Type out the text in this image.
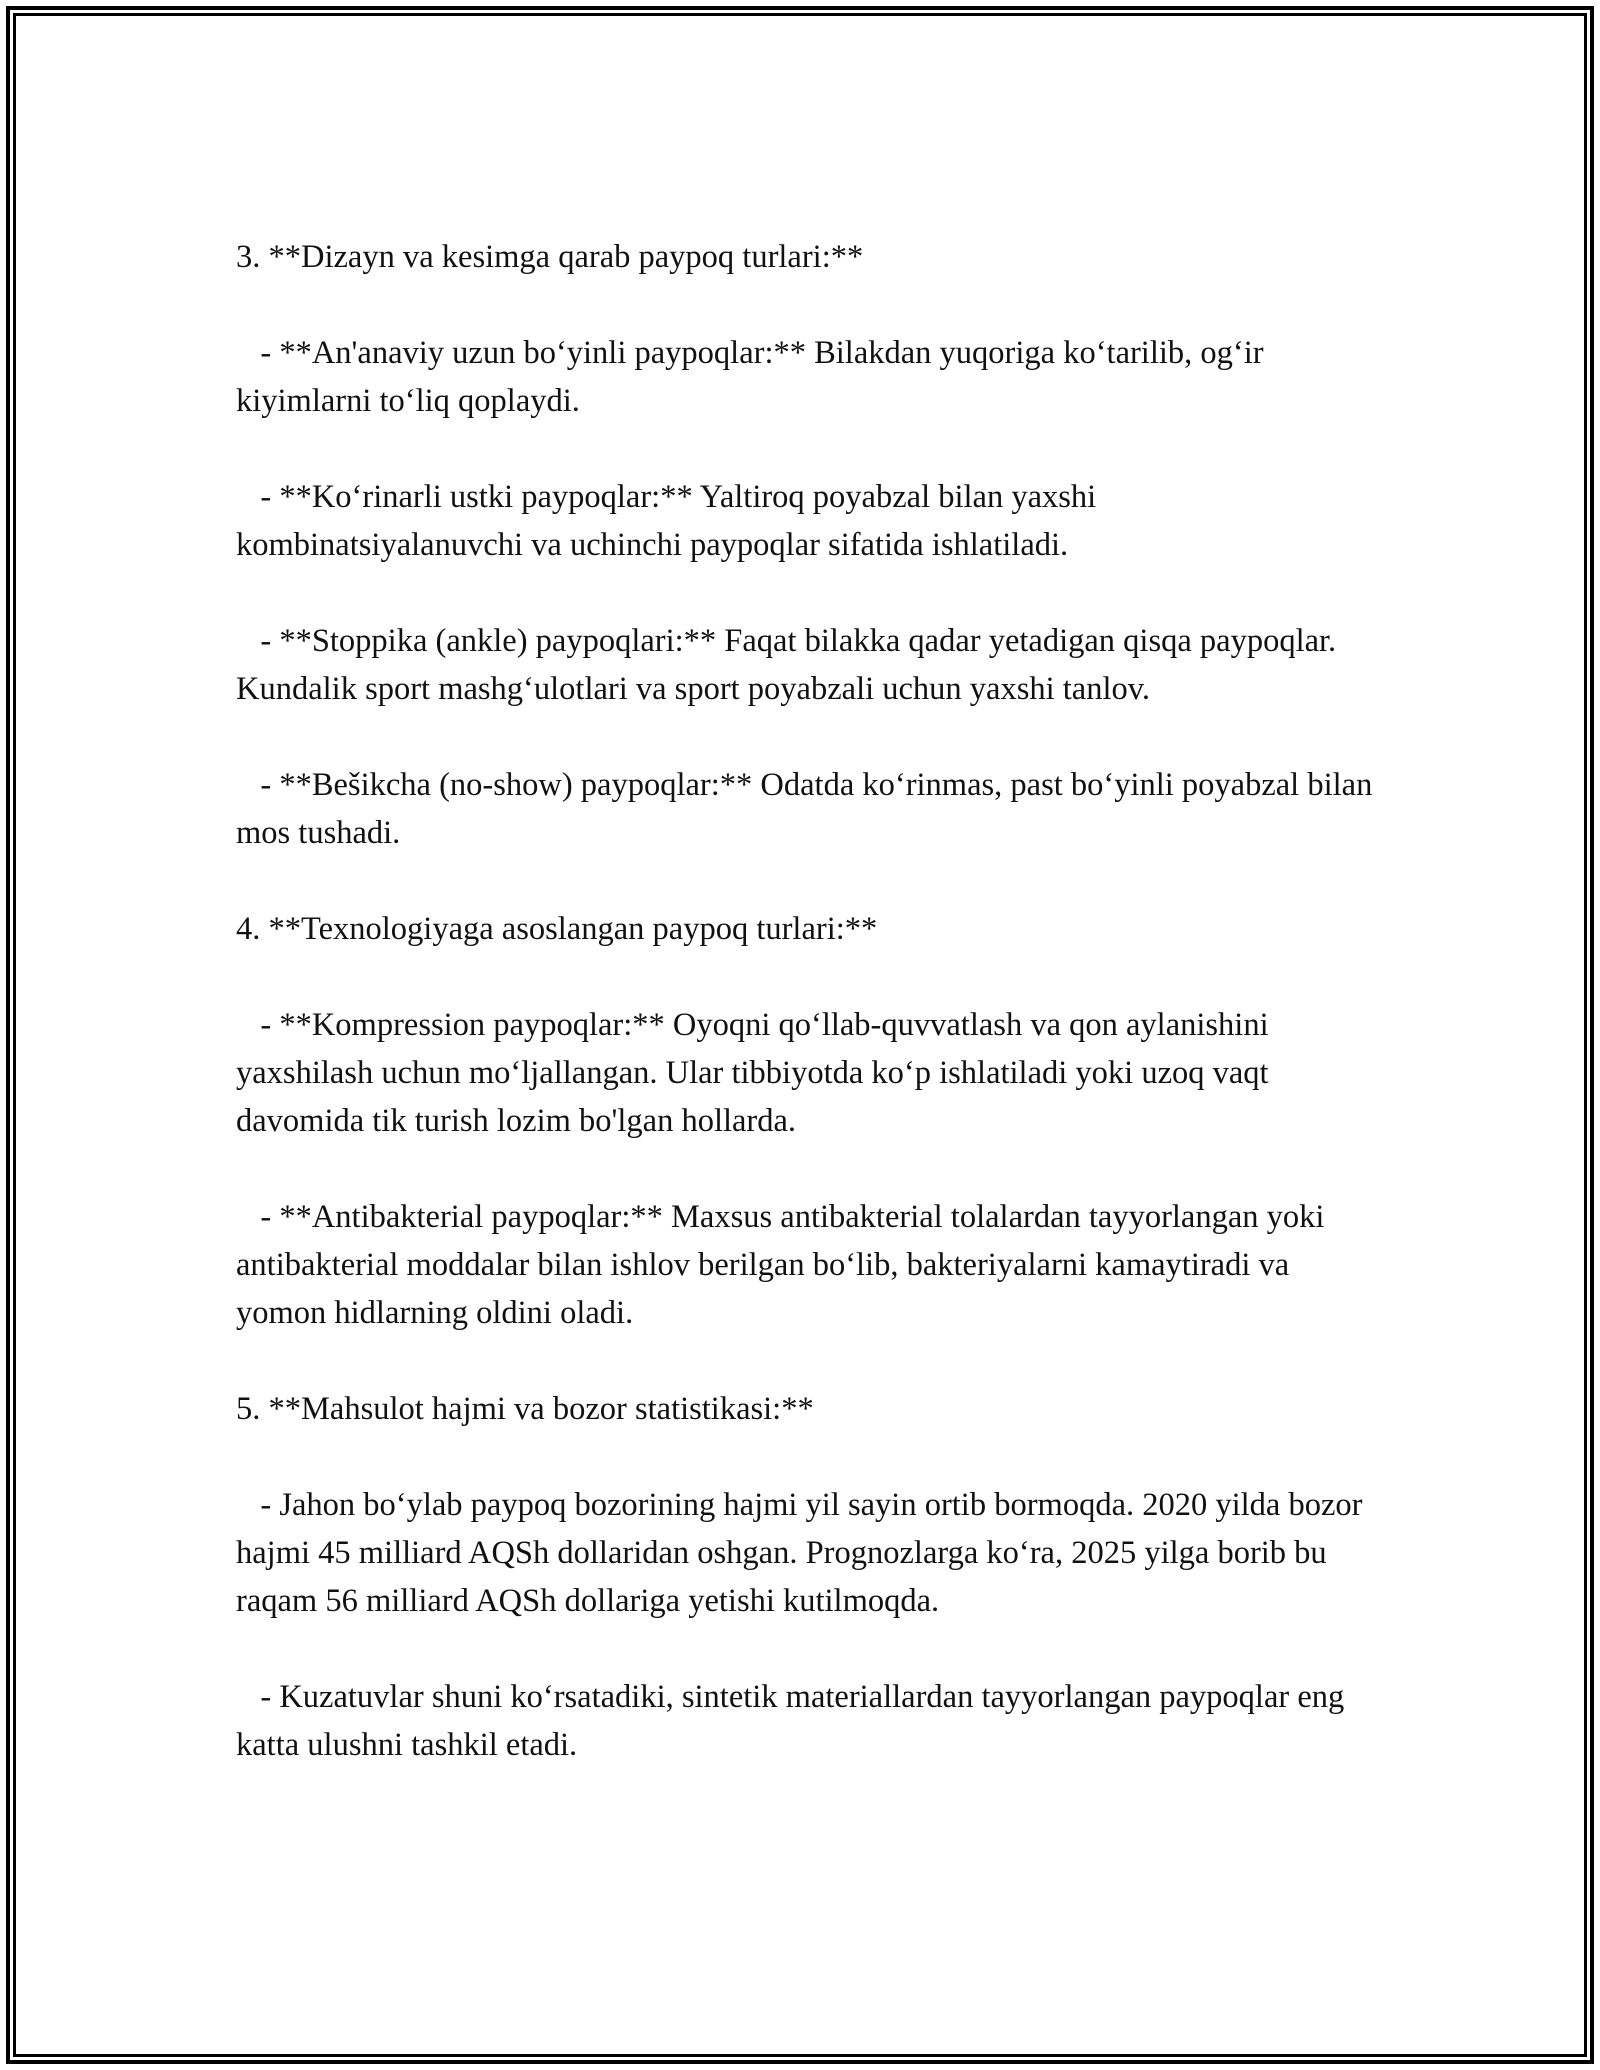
3. **Dizayn va kesimga qarab paypoq turlari:**

- **An'anaviy uzun bo‘yinli paypoqlar:** Bilakdan yuqoriga ko‘tarilib, og‘ir kiyimlarni to‘liq qoplaydi.

- **Ko‘rinarli ustki paypoqlar:** Yaltiroq poyabzal bilan yaxshi kombinatsiyalanuvchi va uchinchi paypoqlar sifatida ishlatiladi.

- **Stoppika (ankle) paypoqlari:** Faqat bilakka qadar yetadigan qisqa paypoqlar. Kundalik sport mashg‘ulotlari va sport poyabzali uchun yaxshi tanlov.

- **Bešikcha (no-show) paypoqlar:** Odatda ko‘rinmas, past bo‘yinli poyabzal bilan mos tushadi.

4. **Texnologiyaga asoslangan paypoq turlari:**

- **Kompression paypoqlar:** Oyoqni qo‘llab-quvvatlash va qon aylanishini yaxshilash uchun mo‘ljallangan. Ular tibbiyotda ko‘p ishlatiladi yoki uzoq vaqt davomida tik turish lozim bo'lgan hollarda.

- **Antibakterial paypoqlar:** Maxsus antibakterial tolalardan tayyorlangan yoki antibakterial moddalar bilan ishlov berilgan bo‘lib, bakteriyalarni kamaytiradi va yomon hidlarning oldini oladi.

5. **Mahsulot hajmi va bozor statistikasi:**

- Jahon bo‘ylab paypoq bozorining hajmi yil sayin ortib bormoqda. 2020 yilda bozor hajmi 45 milliard AQSh dollaridan oshgan. Prognozlarga ko‘ra, 2025 yilga borib bu raqam 56 milliard AQSh dollariga yetishi kutilmoqda.

- Kuzatuvlar shuni ko‘rsatadiki, sintetik materiallardan tayyorlangan paypoqlar eng katta ulushni tashkil etadi.
